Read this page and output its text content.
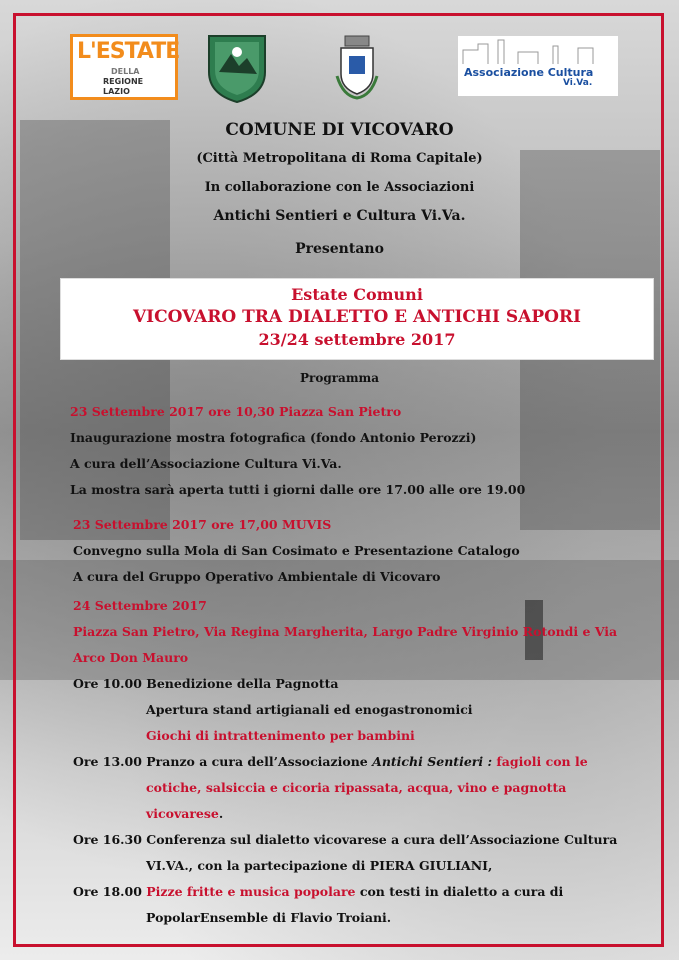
L'ESTATE
DELLA
REGIONE
LAZIO
Associazione Cultura
Vi.Va.
COMUNE DI VICOVARO
(Città Metropolitana di Roma Capitale)
In collaborazione con le Associazioni
Antichi Sentieri e Cultura Vi.Va.
Presentano
Estate Comuni
VICOVARO TRA DIALETTO E ANTICHI SAPORI
23/24 settembre 2017
Programma
23 Settembre 2017 ore 10,30 Piazza San Pietro
Inaugurazione mostra fotografica (fondo Antonio Perozzi)
A cura dell’Associazione Cultura Vi.Va.
La mostra sarà aperta tutti i giorni dalle ore 17.00 alle ore 19.00
23 Settembre 2017 ore 17,00 MUVIS
Convegno sulla Mola di San Cosimato e Presentazione Catalogo
A cura del Gruppo Operativo Ambientale di Vicovaro
24 Settembre 2017
Piazza San Pietro, Via Regina Margherita, Largo Padre Virginio Rotondi e Via
Arco Don Mauro
Ore 10.00 Benedizione della Pagnotta
Apertura stand artigianali ed enogastronomici
Giochi di intrattenimento per bambini
Ore 13.00 Pranzo a cura dell’Associazione Antichi Sentieri : fagioli con le
cotiche, salsiccia e cicoria ripassata, acqua, vino e pagnotta
vicovarese.
Ore 16.30 Conferenza sul dialetto vicovarese a cura dell’Associazione Cultura
VI.VA., con la partecipazione di PIERA GIULIANI,
Ore 18.00 Pizze fritte e musica popolare con testi in dialetto a cura di
PopolarEnsemble di Flavio Troiani.
